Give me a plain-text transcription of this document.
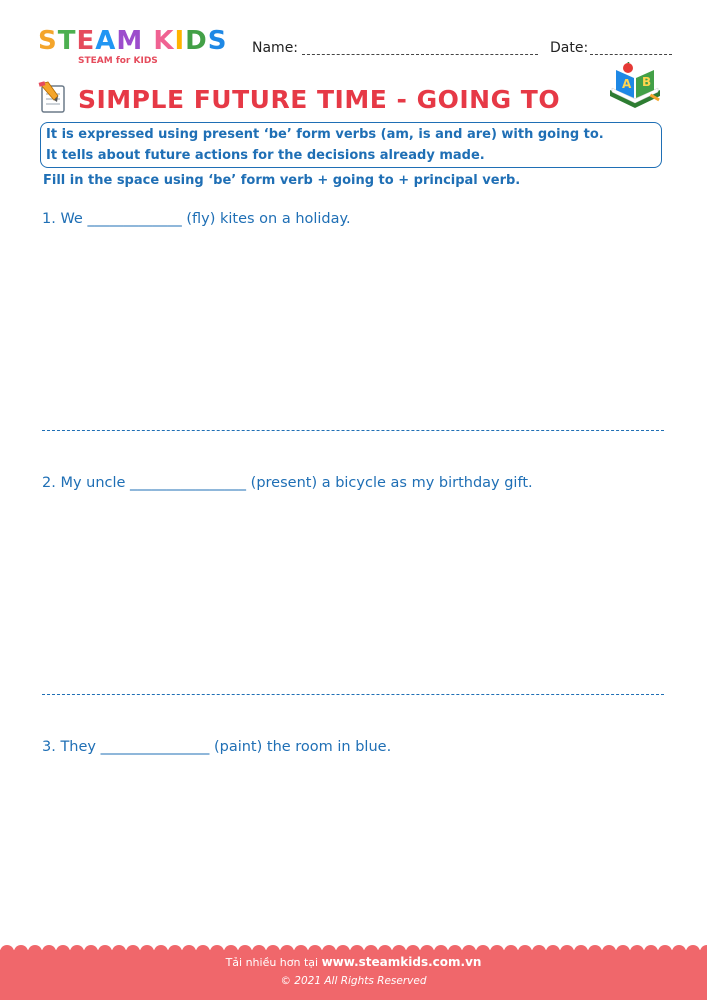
STEAM KIDS
STEAM for KIDS
Name:	Date:
SIMPLE FUTURE TIME - GOING TO
A B
It is expressed using present ‘be’ form verbs (am, is and are) with going to.
It tells about future actions for the decisions already made.
Fill in the space using ‘be’ form verb + going to + principal verb.
1. We _____________ (fly) kites on a holiday.
2. My uncle ________________ (present) a bicycle as my birthday gift.
3. They _______________ (paint) the room in blue.
Tải nhiều hơn tại www.steamkids.com.vn
© 2021 All Rights Reserved
